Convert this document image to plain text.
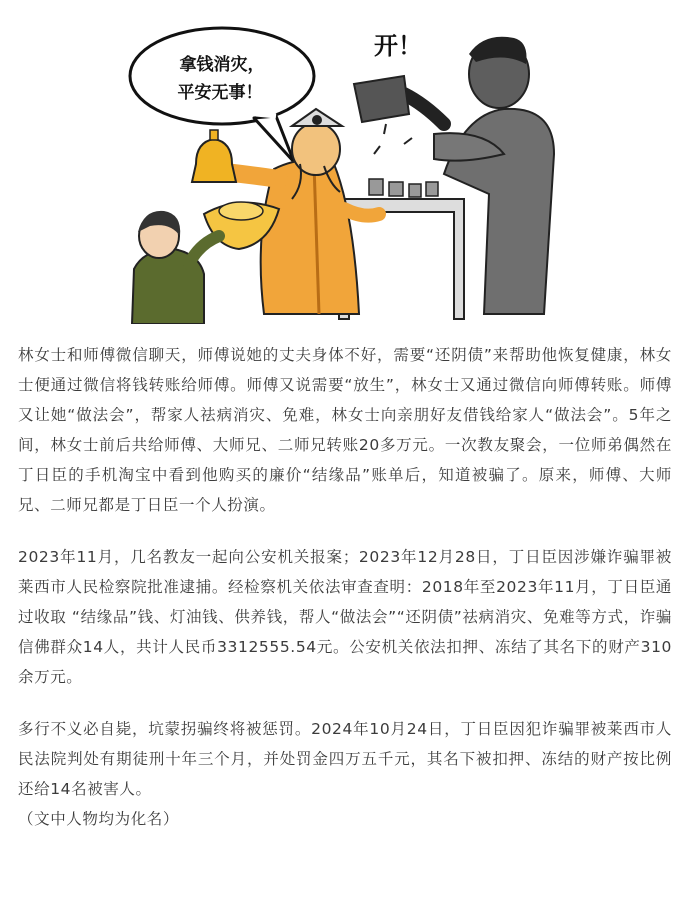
拿钱消灾，
平安无事！
开！

林女士和师傅微信聊天，师傅说她的丈夫身体不好，需要“还阴债”来帮助他恢复健康，林女士便通过微信将钱转账给师傅。师傅又说需要“放生”，林女士又通过微信向师傅转账。师傅又让她“做法会”，帮家人祛病消灾、免难，林女士向亲朋好友借钱给家人“做法会”。5年之间，林女士前后共给师傅、大师兄、二师兄转账20多万元。一次教友聚会，一位师弟偶然在丁日臣的手机淘宝中看到他购买的廉价“结缘品”账单后，知道被骗了。原来，师傅、大师兄、二师兄都是丁日臣一个人扮演。

2023年11月，几名教友一起向公安机关报案；2023年12月28日，丁日臣因涉嫌诈骗罪被莱西市人民检察院批准逮捕。经检察机关依法审查查明：2018年至2023年11月，丁日臣通过收取 “结缘品”钱、灯油钱、供养钱，帮人“做法会”“还阴债”祛病消灾、免难等方式，诈骗信佛群众14人，共计人民币3312555.54元。公安机关依法扣押、冻结了其名下的财产310余万元。

多行不义必自毙，坑蒙拐骗终将被惩罚。2024年10月24日，丁日臣因犯诈骗罪被莱西市人民法院判处有期徒刑十年三个月，并处罚金四万五千元，其名下被扣押、冻结的财产按比例还给14名被害人。

（文中人物均为化名）
